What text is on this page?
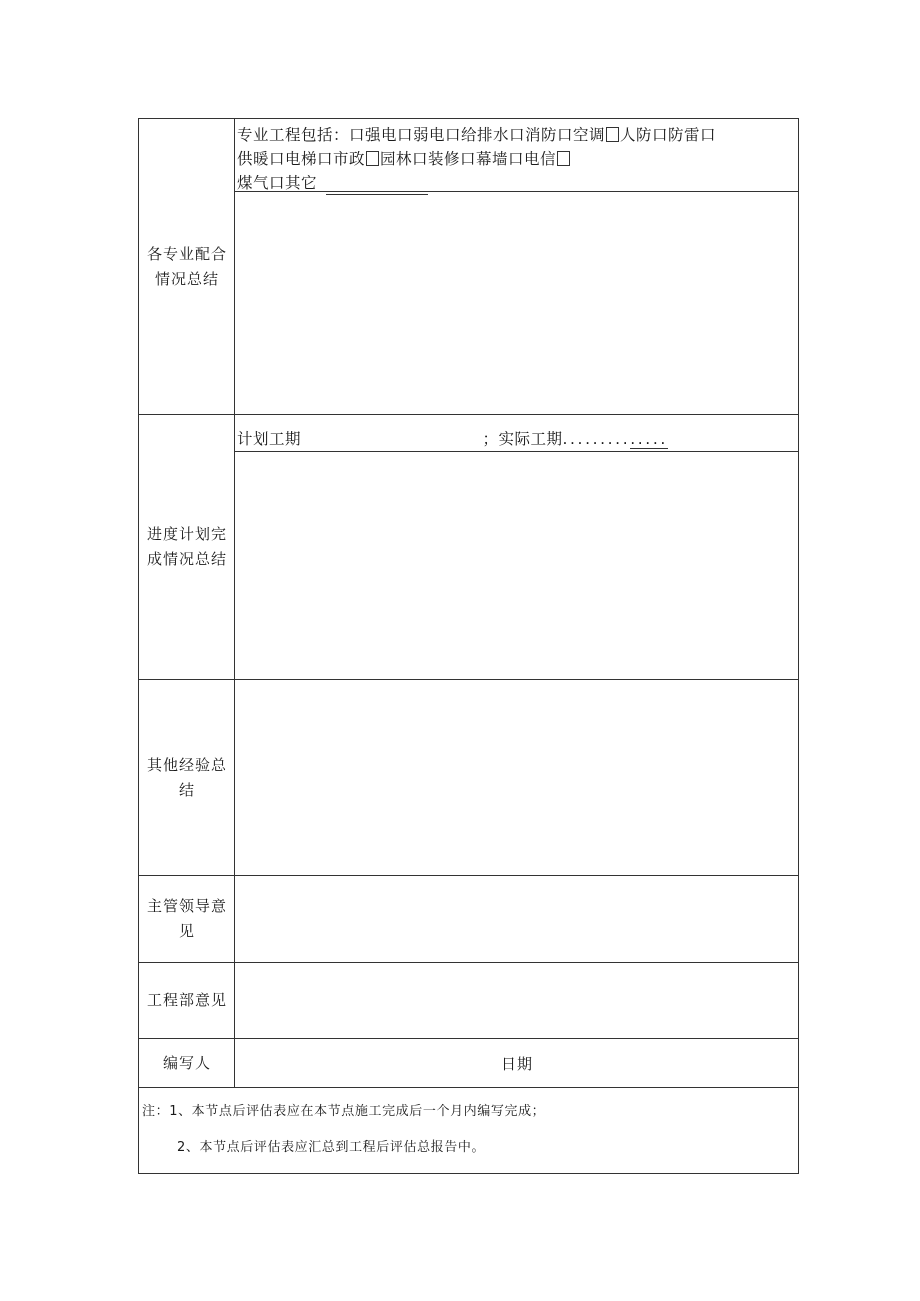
各专业配合
情况总结
专业工程包括：口强电口弱电口给排水口消防口空调 人防口防雷口
供暖口电梯口市政 园林口装修口幕墙口电信
煤气口其它
进度计划完
成情况总结
计划工期	；实际工期..............
其他经验总
结
主管领导意
见
工程部意见
编写人	日期
注：1、本节点后评估表应在本节点施工完成后一个月内编写完成；
2、本节点后评估表应汇总到工程后评估总报告中。
